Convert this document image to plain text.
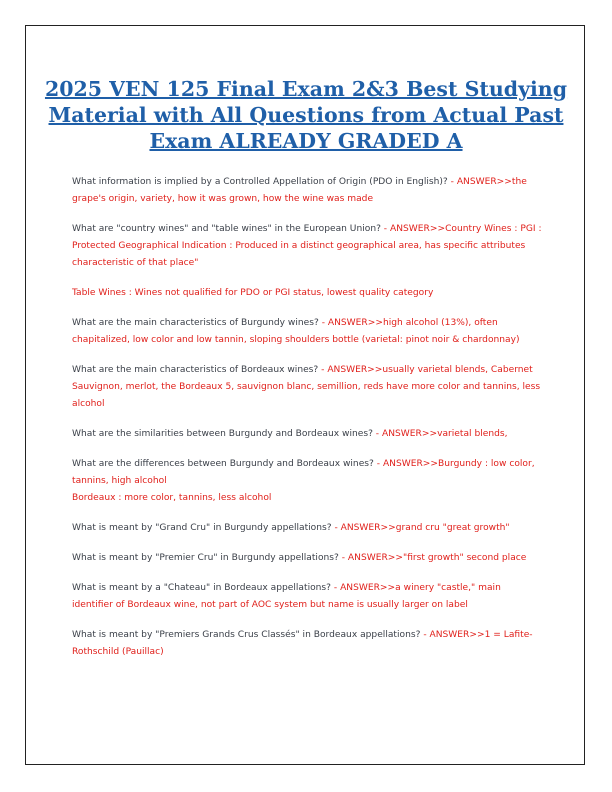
2025 VEN 125 Final Exam 2&3 Best Studying Material with All Questions from Actual Past Exam ALREADY GRADED A

What information is implied by a Controlled Appellation of Origin (PDO in English)? - ANSWER>>the grape's origin, variety, how it was grown, how the wine was made

What are "country wines" and "table wines" in the European Union? - ANSWER>>Country Wines : PGI : Protected Geographical Indication : Produced in a distinct geographical area, has specific attributes characteristic of that place"

Table Wines : Wines not qualified for PDO or PGI status, lowest quality category

What are the main characteristics of Burgundy wines? - ANSWER>>high alcohol (13%), often chapitalized, low color and low tannin, sloping shoulders bottle (varietal: pinot noir & chardonnay)

What are the main characteristics of Bordeaux wines? - ANSWER>>usually varietal blends, Cabernet Sauvignon, merlot, the Bordeaux 5, sauvignon blanc, semillion, reds have more color and tannins, less alcohol

What are the similarities between Burgundy and Bordeaux wines? - ANSWER>>varietal blends,

What are the differences between Burgundy and Bordeaux wines? - ANSWER>>Burgundy : low color, tannins, high alcohol
Bordeaux : more color, tannins, less alcohol

What is meant by "Grand Cru" in Burgundy appellations? - ANSWER>>grand cru "great growth"

What is meant by "Premier Cru" in Burgundy appellations? - ANSWER>>"first growth" second place

What is meant by a "Chateau" in Bordeaux appellations? - ANSWER>>a winery "castle," main identifier of Bordeaux wine, not part of AOC system but name is usually larger on label

What is meant by "Premiers Grands Crus Classés" in Bordeaux appellations? - ANSWER>>1 = Lafite-Rothschild (Pauillac)
